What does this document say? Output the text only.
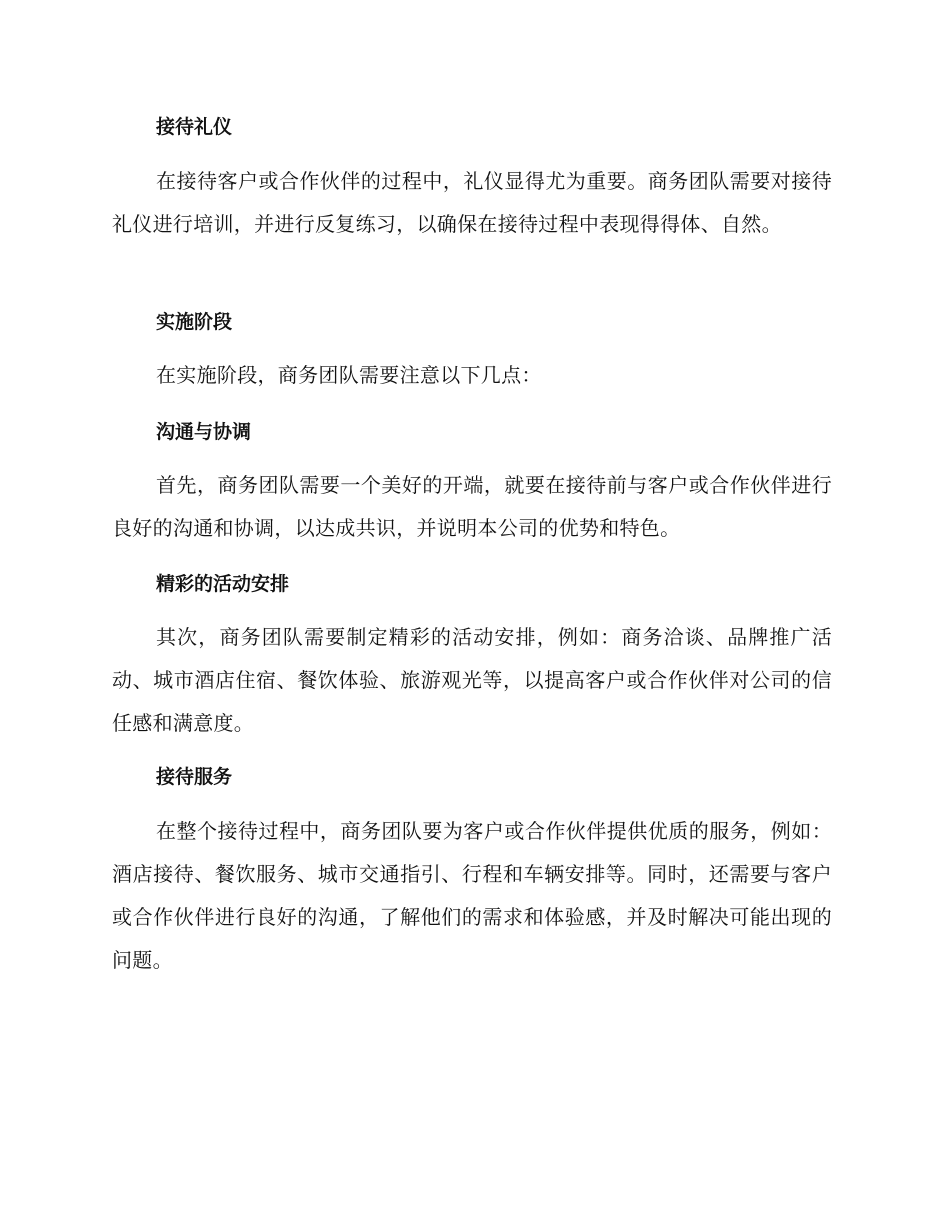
接待礼仪

在接待客户或合作伙伴的过程中，礼仪显得尤为重要。商务团队需要对接待礼仪进行培训，并进行反复练习，以确保在接待过程中表现得得体、自然。

实施阶段

在实施阶段，商务团队需要注意以下几点：

沟通与协调

首先，商务团队需要一个美好的开端，就要在接待前与客户或合作伙伴进行良好的沟通和协调，以达成共识，并说明本公司的优势和特色。

精彩的活动安排

其次，商务团队需要制定精彩的活动安排，例如：商务洽谈、品牌推广活动、城市酒店住宿、餐饮体验、旅游观光等，以提高客户或合作伙伴对公司的信任感和满意度。

接待服务

在整个接待过程中，商务团队要为客户或合作伙伴提供优质的服务，例如：酒店接待、餐饮服务、城市交通指引、行程和车辆安排等。同时，还需要与客户或合作伙伴进行良好的沟通，了解他们的需求和体验感，并及时解决可能出现的问题。
